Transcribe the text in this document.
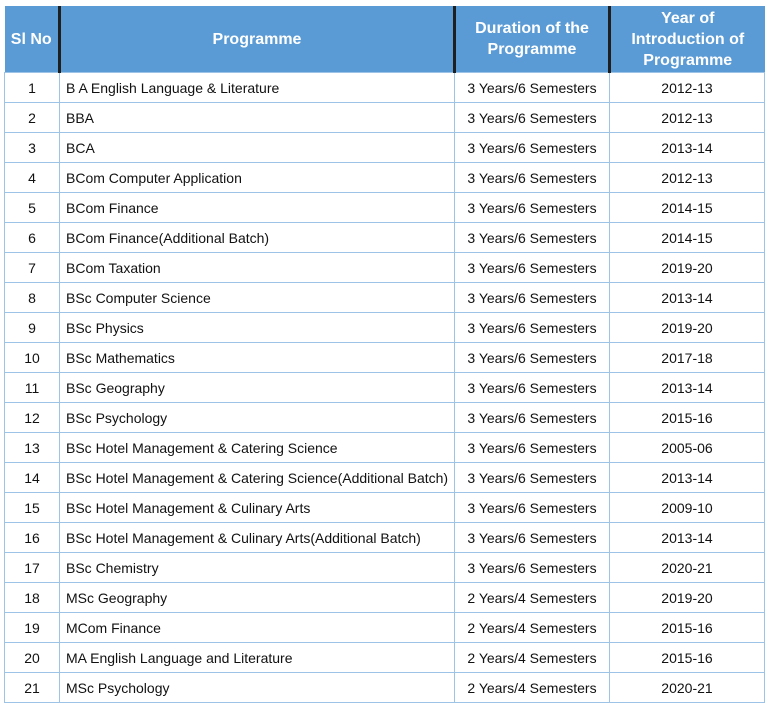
Sl No	Programme	Duration of the Programme	Year of Introduction of Programme
1	B A English Language & Literature	3 Years/6 Semesters	2012-13
2	BBA	3 Years/6 Semesters	2012-13
3	BCA	3 Years/6 Semesters	2013-14
4	BCom Computer Application	3 Years/6 Semesters	2012-13
5	BCom Finance	3 Years/6 Semesters	2014-15
6	BCom Finance(Additional Batch)	3 Years/6 Semesters	2014-15
7	BCom Taxation	3 Years/6 Semesters	2019-20
8	BSc Computer Science	3 Years/6 Semesters	2013-14
9	BSc Physics	3 Years/6 Semesters	2019-20
10	BSc Mathematics	3 Years/6 Semesters	2017-18
11	BSc Geography	3 Years/6 Semesters	2013-14
12	BSc Psychology	3 Years/6 Semesters	2015-16
13	BSc Hotel Management & Catering Science	3 Years/6 Semesters	2005-06
14	BSc Hotel Management & Catering Science(Additional Batch)	3 Years/6 Semesters	2013-14
15	BSc Hotel Management & Culinary Arts	3 Years/6 Semesters	2009-10
16	BSc Hotel Management & Culinary Arts(Additional Batch)	3 Years/6 Semesters	2013-14
17	BSc Chemistry	3 Years/6 Semesters	2020-21
18	MSc Geography	2 Years/4 Semesters	2019-20
19	MCom Finance	2 Years/4 Semesters	2015-16
20	MA English Language and Literature	2 Years/4 Semesters	2015-16
21	MSc Psychology	2 Years/4 Semesters	2020-21
